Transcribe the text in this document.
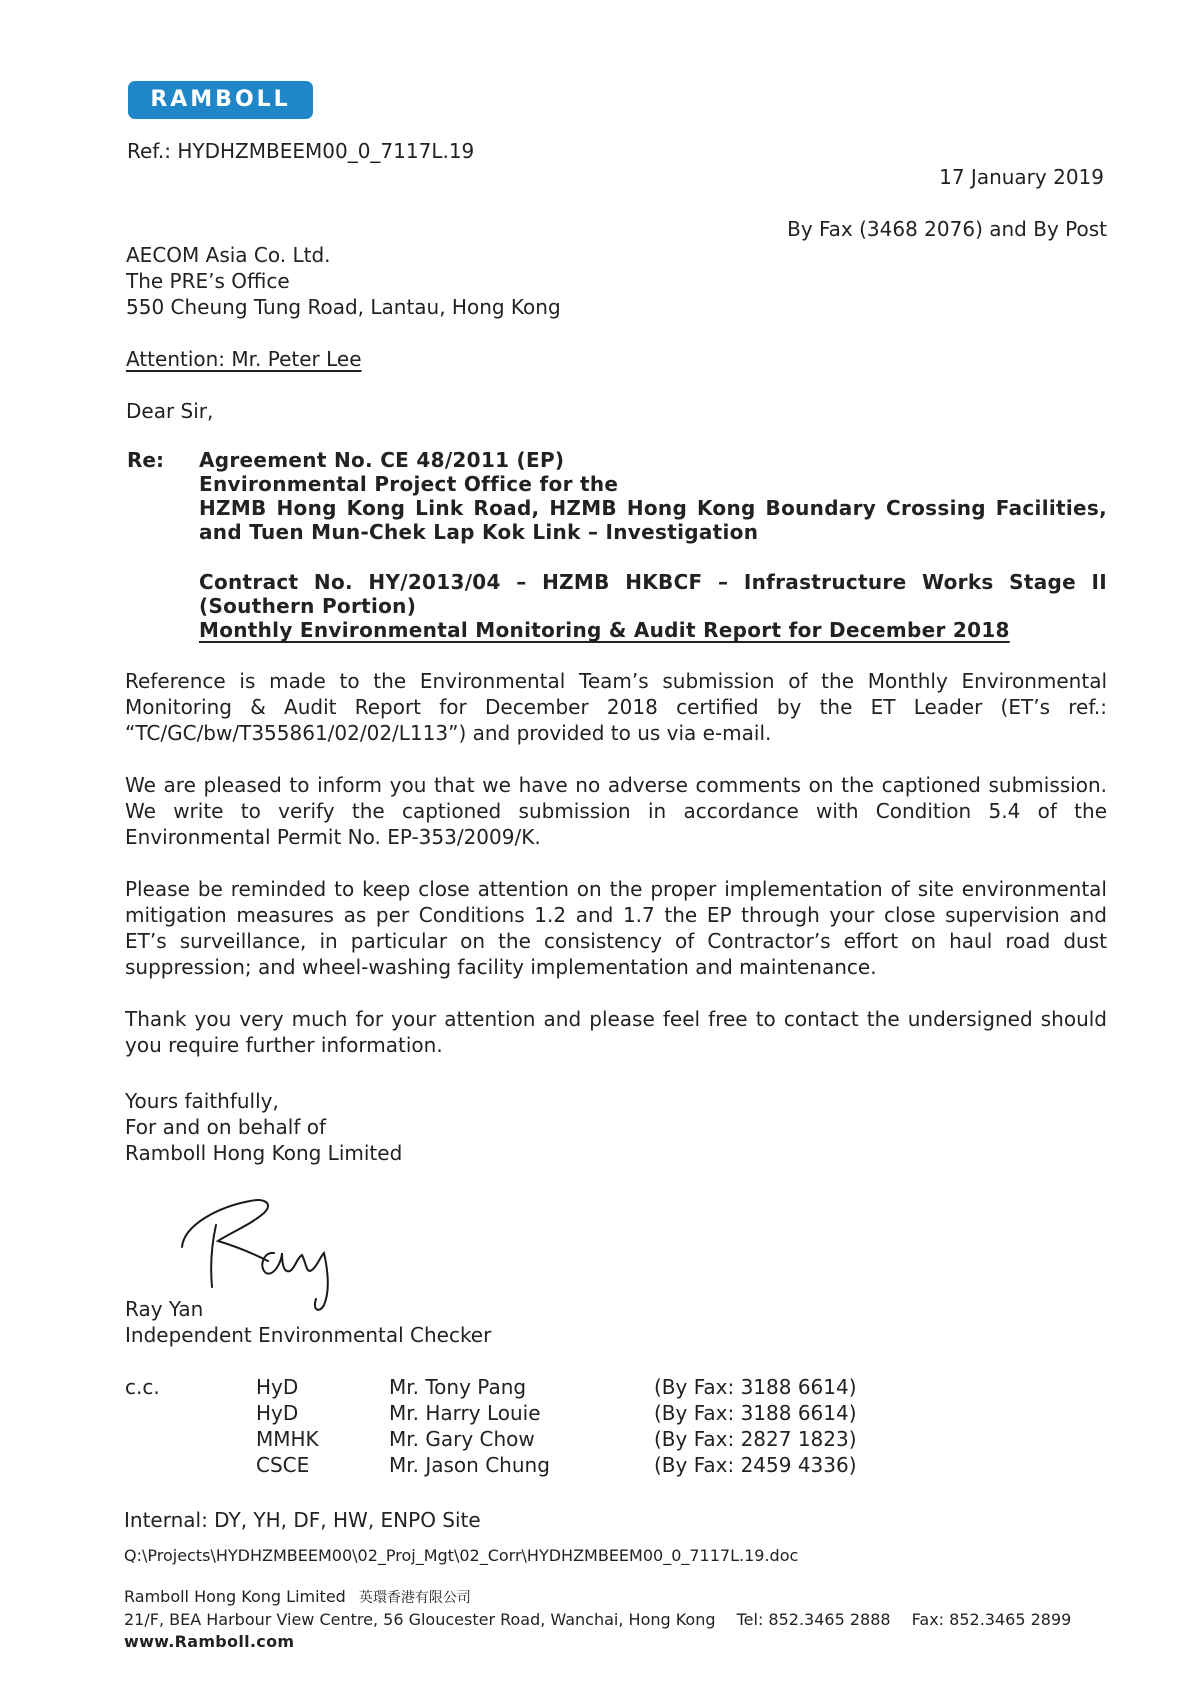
RAMBOLL
Ref.: HYDHZMBEEM00_0_7117L.19
17 January 2019
By Fax (3468 2076) and By Post
AECOM Asia Co. Ltd.
The PRE’s Office
550 Cheung Tung Road, Lantau, Hong Kong
Attention: Mr. Peter Lee
Dear Sir,
Re: Agreement No. CE 48/2011 (EP)
Environmental Project Office for the
HZMB Hong Kong Link Road, HZMB Hong Kong Boundary Crossing Facilities,
and Tuen Mun-Chek Lap Kok Link – Investigation
Contract No. HY/2013/04 – HZMB HKBCF – Infrastructure Works Stage II
(Southern Portion)
Monthly Environmental Monitoring & Audit Report for December 2018
Reference is made to the Environmental Team’s submission of the Monthly Environmental
Monitoring & Audit Report for December 2018 certified by the ET Leader (ET’s ref.:
“TC/GC/bw/T355861/02/02/L113”) and provided to us via e-mail.
We are pleased to inform you that we have no adverse comments on the captioned submission.
We write to verify the captioned submission in accordance with Condition 5.4 of the
Environmental Permit No. EP-353/2009/K.
Please be reminded to keep close attention on the proper implementation of site environmental
mitigation measures as per Conditions 1.2 and 1.7 the EP through your close supervision and
ET’s surveillance, in particular on the consistency of Contractor’s effort on haul road dust
suppression; and wheel-washing facility implementation and maintenance.
Thank you very much for your attention and please feel free to contact the undersigned should
you require further information.
Yours faithfully,
For and on behalf of
Ramboll Hong Kong Limited
Ray Yan
Independent Environmental Checker
c.c.	HyD
HyD
MMHK
CSCE
Mr. Tony Pang
Mr. Harry Louie
Mr. Gary Chow
Mr. Jason Chung
(By Fax: 3188 6614)
(By Fax: 3188 6614)
(By Fax: 2827 1823)
(By Fax: 2459 4336)
Internal: DY, YH, DF, HW, ENPO Site
Q:\Projects\HYDHZMBEEM00\02_Proj_Mgt\02_Corr\HYDHZMBEEM00_0_7117L.19.doc
Ramboll Hong Kong Limited 英環香港有限公司
21/F, BEA Harbour View Centre, 56 Gloucester Road, Wanchai, Hong Kong Tel: 852.3465 2888 Fax: 852.3465 2899
www.Ramboll.com
